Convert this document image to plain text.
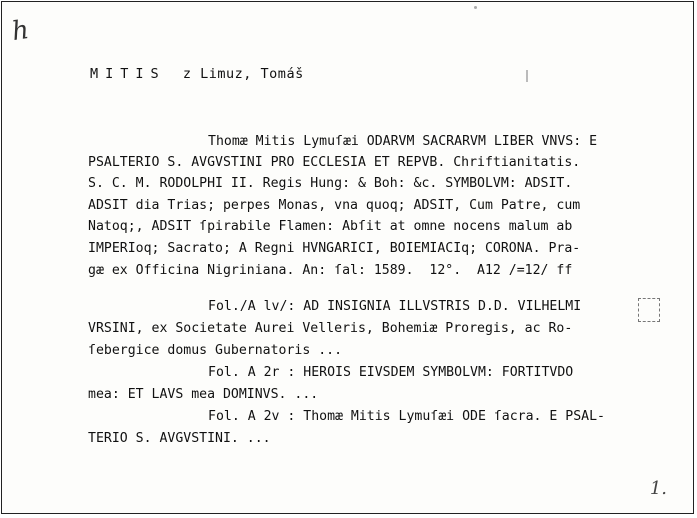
h
MITIS z Limuz, Tomáš
Thomæ Mitis Lymuſæi ODARVM SACRARVM LIBER VNVS: E
PSALTERIO S. AVGVSTINI PRO ECCLESIA ET REPVB. Chriftianitatis.
S. C. M. RODOLPHI II. Regis Hung: & Boh: &c. SYMBOLVM: ADSIT.
ADSIT dia Trias; perpes Monas, vna quoq; ADSIT, Cum Patre, cum
Natoq;, ADSIT ſpirabile Flamen: Abſit at omne nocens malum ab
IMPERIoq; Sacrato; A Regni HVNGARICI, BOIEMIACIq; CORONA. Pra-
gæ ex Officina Nigriniana. An: ſal: 1589.  12°.  A12 /=12/ ff
Fol./A lv/: AD INSIGNIA ILLVSTRIS D.D. VILHELMI
VRSINI, ex Societate Aurei Velleris, Bohemiæ Proregis, ac Ro-
ſebergice domus Gubernatoris ...
Fol. A 2r : HEROIS EIVSDEM SYMBOLVM: FORTITVDO
mea: ET LAVS mea DOMINVS. ...
Fol. A 2v : Thomæ Mitis Lymuſæi ODE ſacra. E PSAL-
TERIO S. AVGVSTINI. ...
1.
